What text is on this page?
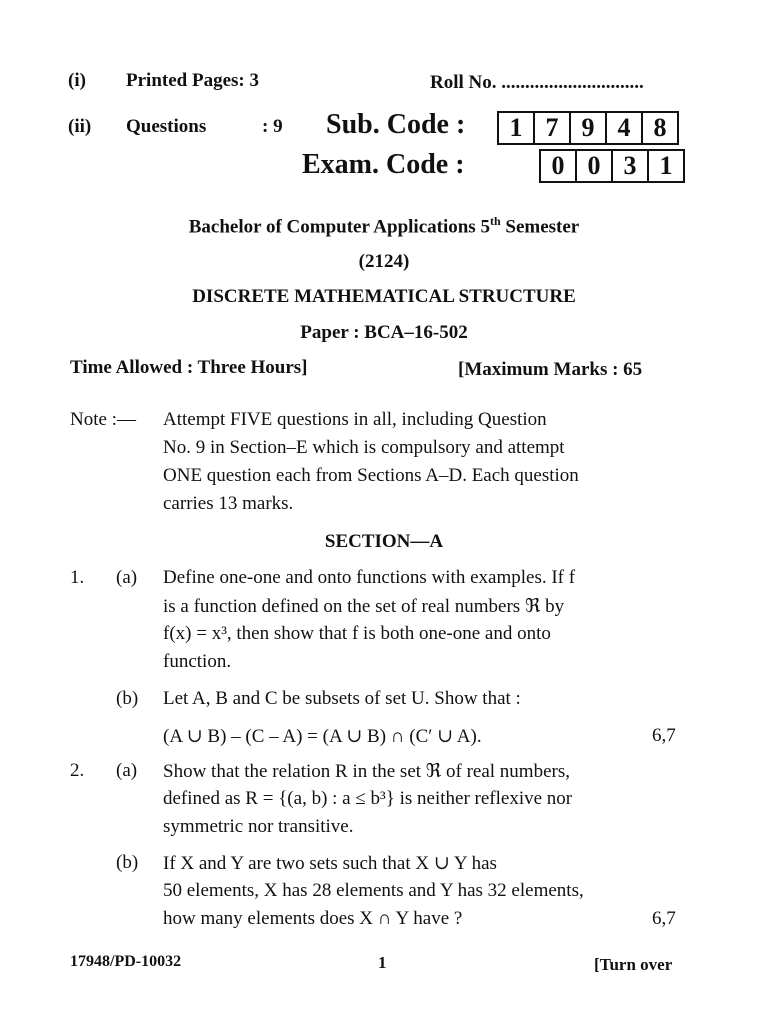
(i) Printed Pages: 3	Roll No. ..............................
(ii) Questions	: 9 Sub. Code :	1 7 9 4 8
Exam. Code :	0 0 3 1
Bachelor of Computer Applications 5th Semester
(2124)
DISCRETE MATHEMATICAL STRUCTURE
Paper : BCA–16-502
Time Allowed : Three Hours]	[Maximum Marks : 65
Note :— Attempt FIVE questions in all, including Question
No. 9 in Section–E which is compulsory and attempt
ONE question each from Sections A–D. Each question
carries 13 marks.
SECTION—A
1. (a) Define one-one and onto functions with examples. If f
is a function defined on the set of real numbers ℜ by
f(x) = x³, then show that f is both one-one and onto
function.
(b) Let A, B and C be subsets of set U. Show that :
(A ∪ B) – (C – A) = (A ∪ B) ∩ (C′ ∪ A).	6,7
2. (a) Show that the relation R in the set ℜ of real numbers,
defined as R = {(a, b) : a ≤ b³} is neither reflexive nor
symmetric nor transitive.
(b) If X and Y are two sets such that X ∪ Y has
50 elements, X has 28 elements and Y has 32 elements,
how many elements does X ∩ Y have ?	6,7
17948/PD-10032	1	[Turn over
